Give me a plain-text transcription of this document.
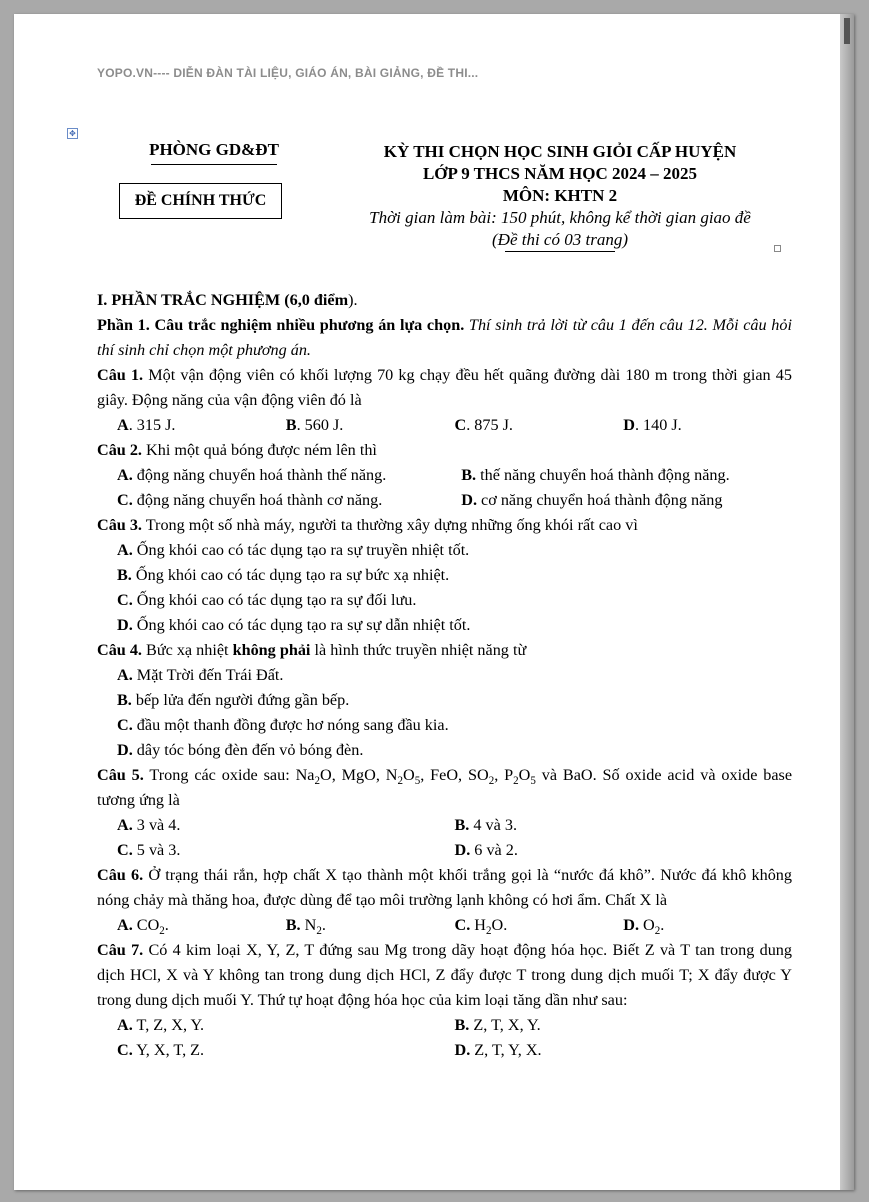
YOPO.VN---- DIỄN ĐÀN TÀI LIỆU, GIÁO ÁN, BÀI GIẢNG, ĐỀ THI...
✥
PHÒNG GD&ĐT
ĐỀ CHÍNH THỨC
KỲ THI CHỌN HỌC SINH GIỎI CẤP HUYỆN
LỚP 9 THCS NĂM HỌC 2024 – 2025
MÔN: KHTN 2
Thời gian làm bài: 150 phút, không kể thời gian giao đề
(Đề thi có 03 trang)

I. PHẦN TRẮC NGHIỆM (6,0 điểm).

Phần 1. Câu trắc nghiệm nhiều phương án lựa chọn. Thí sinh trả lời từ câu 1 đến câu 12. Mỗi câu hỏi thí sinh chỉ chọn một phương án.

Câu 1. Một vận động viên có khối lượng 70 kg chạy đều hết quãng đường dài 180 m trong thời gian 45 giây. Động năng của vận động viên đó là

A. 315 J.	B. 560 J.	C. 875 J.	D. 140 J.

Câu 2. Khi một quả bóng được ném lên thì

A. động năng chuyển hoá thành thế năng.	B. thế năng chuyển hoá thành động năng.
C. động năng chuyển hoá thành cơ năng.	D. cơ năng chuyển hoá thành động năng

Câu 3. Trong một số nhà máy, người ta thường xây dựng những ống khói rất cao vì

A. Ống khói cao có tác dụng tạo ra sự truyền nhiệt tốt.
B. Ống khói cao có tác dụng tạo ra sự bức xạ nhiệt.
C. Ống khói cao có tác dụng tạo ra sự đối lưu.
D. Ống khói cao có tác dụng tạo ra sự sự dẫn nhiệt tốt.

Câu 4. Bức xạ nhiệt không phải là hình thức truyền nhiệt năng từ

A. Mặt Trời đến Trái Đất.
B. bếp lửa đến người đứng gần bếp.
C. đầu một thanh đồng được hơ nóng sang đầu kia.
D. dây tóc bóng đèn đến vỏ bóng đèn.

Câu 5. Trong các oxide sau: $Na_2O$, MgO, $N_2O_5$, FeO, $SO_2$, $P_2O_5$ và BaO. Số oxide acid và oxide base tương ứng là

A. 3 và 4.	B. 4 và 3.
C. 5 và 3.	D. 6 và 2.

Câu 6. Ở trạng thái rắn, hợp chất X tạo thành một khối trắng gọi là “nước đá khô”. Nước đá khô không nóng chảy mà thăng hoa, được dùng để tạo môi trường lạnh không có hơi ẩm. Chất X là

A. $CO_2$.	B. $N_2$.	C. $H_2O$.	D. $O_2$.

Câu 7. Có 4 kim loại X, Y, Z, T đứng sau Mg trong dãy hoạt động hóa học. Biết Z và T tan trong dung dịch HCl, X và Y không tan trong dung dịch HCl, Z đẩy được T trong dung dịch muối T; X đẩy được Y trong dung dịch muối Y. Thứ tự hoạt động hóa học của kim loại tăng dần như sau:

A. T, Z, X, Y.	B. Z, T, X, Y.
C. Y, X, T, Z.	D. Z, T, Y, X.
